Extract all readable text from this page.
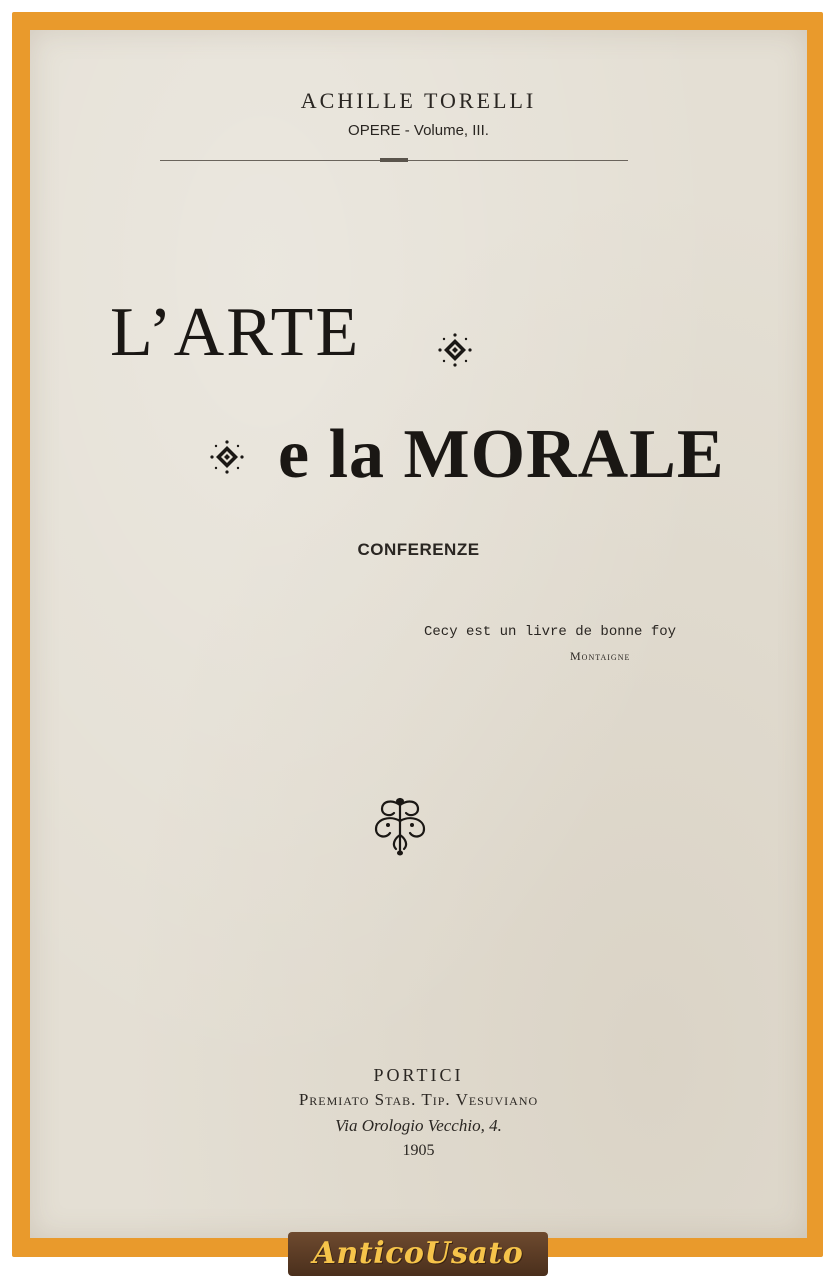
ACHILLE TORELLI
OPERE - Volume, III.
L’ARTE
e la MORALE
CONFERENZE
Cecy est un livre de bonne foy
Montaigne
PORTICI
Premiato Stab. Tip. Vesuviano
Via Orologio Vecchio, 4.
1905
AnticoUsato
